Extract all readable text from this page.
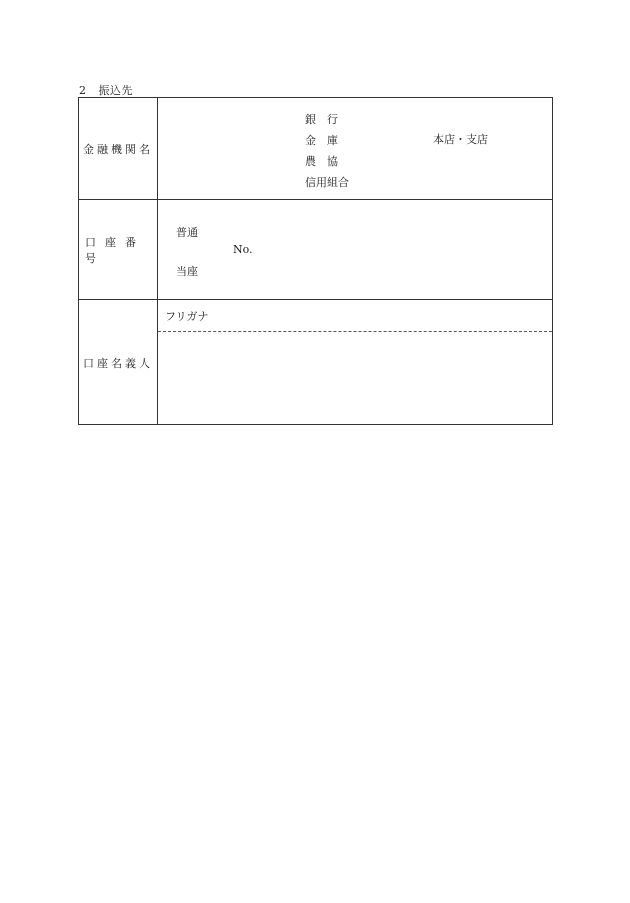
2 振込先
金融機関名
銀　行
金　庫
農　協
信用組合
本店・支店
口座番号
普通
No.
当座
口座名義人
フリガナ
